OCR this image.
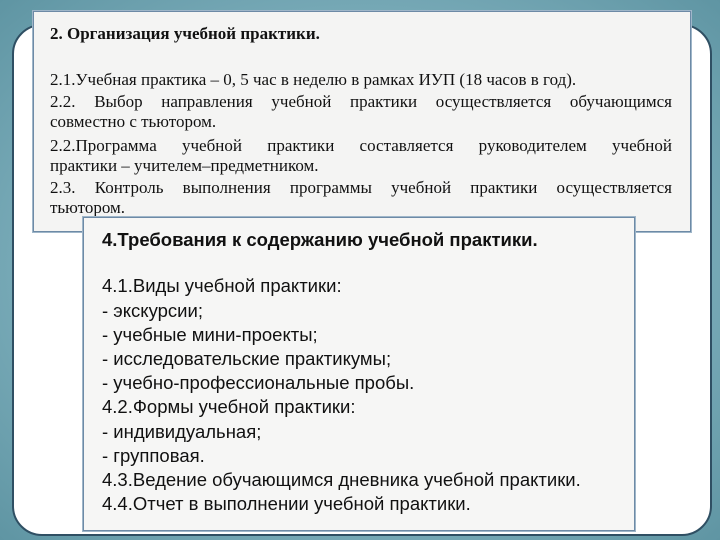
2. Организация учебной практики.
2.1.Учебная практика – 0, 5 час в неделю в рамках ИУП (18 часов в год).
2.2. Выбор направления учебной практики осуществляется обучающимся
совместно с тьютором.
2.2.Программа учебной практики составляется руководителем учебной
практики – учителем–предметником.
2.3. Контроль выполнения программы учебной практики осуществляется
тьютором.
4.Требования к содержанию учебной практики.
4.1.Виды учебной практики:
- экскурсии;
- учебные мини-проекты;
- исследовательские практикумы;
- учебно-профессиональные пробы.
4.2.Формы учебной практики:
- индивидуальная;
- групповая.
4.3.Ведение обучающимся дневника учебной практики.
4.4.Отчет в выполнении учебной практики.
